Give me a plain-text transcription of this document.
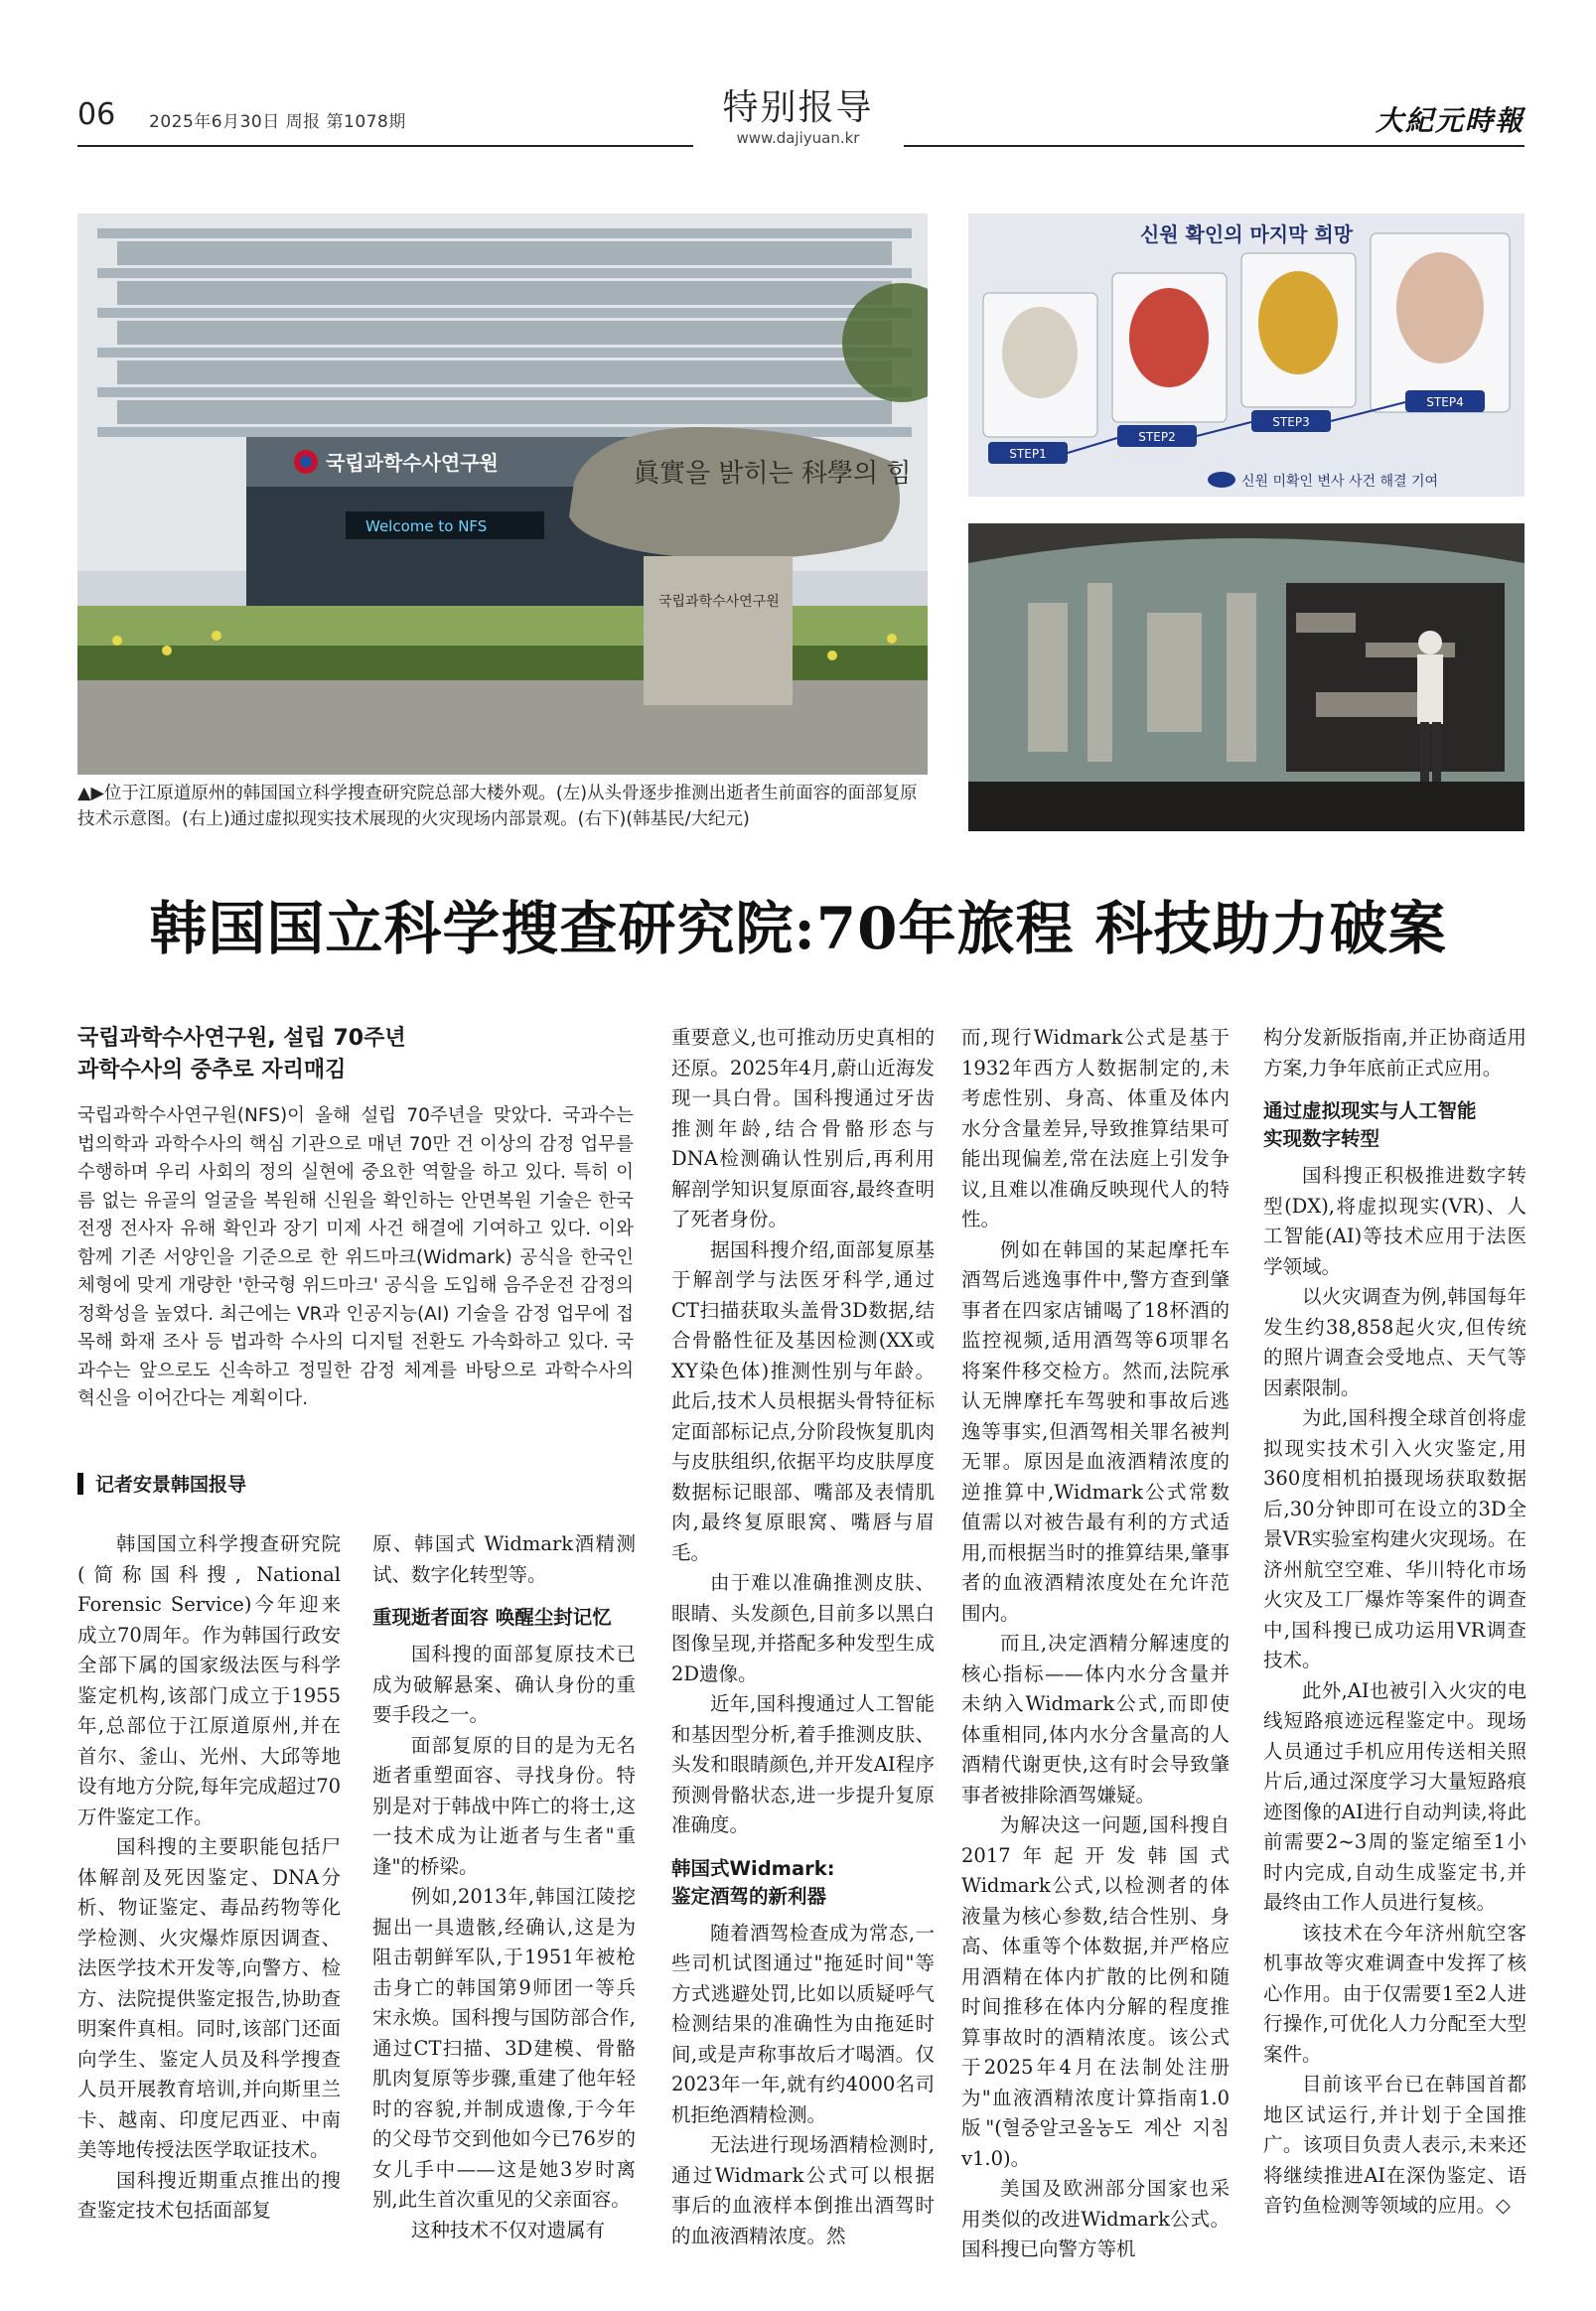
06 2025年6月30日 周报 第1078期	特别报导
www.dajiyuan.kr
大紀元時報
국립과학수사연구원
Welcome to NFS
眞實을 밝히는 科學의 힘
국립과학수사연구원
신원 확인의 마지막 희망
STEP1
STEP2
STEP3
STEP4
신원 미확인 변사 사건 해결 기여
▲▶位于江原道原州的韩国国立科学搜查研究院总部大楼外观。(左)从头骨逐步推测出逝者生前面容的面部复原技术示意图。(右上)通过虚拟现实技术展现的火灾现场内部景观。(右下)(韩基民/大纪元)
韩国国立科学搜查研究院:70年旅程 科技助力破案
국립과학수사연구원, 설립 70주년
과학수사의 중추로 자리매김
국립과학수사연구원(NFS)이 올해 설립 70주년을 맞았다. 국과수는 법의학과 과학수사의 핵심 기관으로 매년 70만 건 이상의 감정 업무를 수행하며 우리 사회의 정의 실현에 중요한 역할을 하고 있다. 특히 이름 없는 유골의 얼굴을 복원해 신원을 확인하는 안면복원 기술은 한국전쟁 전사자 유해 확인과 장기 미제 사건 해결에 기여하고 있다. 이와 함께 기존 서양인을 기준으로 한 위드마크(Widmark) 공식을 한국인 체형에 맞게 개량한 '한국형 위드마크' 공식을 도입해 음주운전 감정의 정확성을 높였다. 최근에는 VR과 인공지능(AI) 기술을 감정 업무에 접목해 화재 조사 등 법과학 수사의 디지털 전환도 가속화하고 있다. 국과수는 앞으로도 신속하고 정밀한 감정 체계를 바탕으로 과학수사의 혁신을 이어간다는 계획이다.
记者安景韩国报导

韩国国立科学搜查研究院(简称国科搜, National Forensic Service)今年迎来成立70周年。作为韩国行政安全部下属的国家级法医与科学鉴定机构,该部门成立于1955年,总部位于江原道原州,并在首尔、釜山、光州、大邱等地设有地方分院,每年完成超过70万件鉴定工作。

国科搜的主要职能包括尸体解剖及死因鉴定、DNA分析、物证鉴定、毒品药物等化学检测、火灾爆炸原因调查、法医学技术开发等,向警方、检方、法院提供鉴定报告,协助查明案件真相。同时,该部门还面向学生、鉴定人员及科学搜查人员开展教育培训,并向斯里兰卡、越南、印度尼西亚、中南美等地传授法医学取证技术。

国科搜近期重点推出的搜查鉴定技术包括面部复

原、韩国式 Widmark酒精测试、数字化转型等。

重现逝者面容 唤醒尘封记忆

国科搜的面部复原技术已成为破解悬案、确认身份的重要手段之一。

面部复原的目的是为无名逝者重塑面容、寻找身份。特别是对于韩战中阵亡的将士,这一技术成为让逝者与生者"重逢"的桥梁。

例如,2013年,韩国江陵挖掘出一具遗骸,经确认,这是为阻击朝鲜军队,于1951年被枪击身亡的韩国第9师团一等兵宋永焕。国科搜与国防部合作,通过CT扫描、3D建模、骨骼肌肉复原等步骤,重建了他年轻时的容貌,并制成遗像,于今年的父母节交到他如今已76岁的女儿手中——这是她3岁时离别,此生首次重见的父亲面容。

这种技术不仅对遗属有

重要意义,也可推动历史真相的还原。2025年4月,蔚山近海发现一具白骨。国科搜通过牙齿推测年龄,结合骨骼形态与DNA检测确认性别后,再利用解剖学知识复原面容,最终查明了死者身份。

据国科搜介绍,面部复原基于解剖学与法医牙科学,通过CT扫描获取头盖骨3D数据,结合骨骼性征及基因检测(XX或XY染色体)推测性别与年龄。此后,技术人员根据头骨特征标定面部标记点,分阶段恢复肌肉与皮肤组织,依据平均皮肤厚度数据标记眼部、嘴部及表情肌肉,最终复原眼窝、嘴唇与眉毛。

由于难以准确推测皮肤、眼睛、头发颜色,目前多以黑白图像呈现,并搭配多种发型生成2D遗像。

近年,国科搜通过人工智能和基因型分析,着手推测皮肤、头发和眼睛颜色,并开发AI程序预测骨骼状态,进一步提升复原准确度。

韩国式Widmark:
鉴定酒驾的新利器

随着酒驾检查成为常态,一些司机试图通过"拖延时间"等方式逃避处罚,比如以质疑呼气检测结果的准确性为由拖延时间,或是声称事故后才喝酒。仅2023年一年,就有约4000名司机拒绝酒精检测。

无法进行现场酒精检测时,通过Widmark公式可以根据事后的血液样本倒推出酒驾时的血液酒精浓度。然

而,现行Widmark公式是基于1932年西方人数据制定的,未考虑性别、身高、体重及体内水分含量差异,导致推算结果可能出现偏差,常在法庭上引发争议,且难以准确反映现代人的特性。

例如在韩国的某起摩托车酒驾后逃逸事件中,警方查到肇事者在四家店铺喝了18杯酒的监控视频,适用酒驾等6项罪名将案件移交检方。然而,法院承认无牌摩托车驾驶和事故后逃逸等事实,但酒驾相关罪名被判无罪。原因是血液酒精浓度的逆推算中,Widmark公式常数值需以对被告最有利的方式适用,而根据当时的推算结果,肇事者的血液酒精浓度处在允许范围内。

而且,决定酒精分解速度的核心指标——体内水分含量并未纳入Widmark公式,而即使体重相同,体内水分含量高的人酒精代谢更快,这有时会导致肇事者被排除酒驾嫌疑。

为解决这一问题,国科搜自2017年起开发韩国式Widmark公式,以检测者的体液量为核心参数,结合性别、身高、体重等个体数据,并严格应用酒精在体内扩散的比例和随时间推移在体内分解的程度推算事故时的酒精浓度。该公式于2025年4月在法制处注册为"血液酒精浓度计算指南1.0版"(혈중알코올농도 계산 지침 v1.0)。

美国及欧洲部分国家也采用类似的改进Widmark公式。国科搜已向警方等机

构分发新版指南,并正协商适用方案,力争年底前正式应用。

通过虚拟现实与人工智能
实现数字转型

国科搜正积极推进数字转型(DX),将虚拟现实(VR)、人工智能(AI)等技术应用于法医学领域。

以火灾调查为例,韩国每年发生约38,858起火灾,但传统的照片调查会受地点、天气等因素限制。

为此,国科搜全球首创将虚拟现实技术引入火灾鉴定,用360度相机拍摄现场获取数据后,30分钟即可在设立的3D全景VR实验室构建火灾现场。在济州航空空难、华川特化市场火灾及工厂爆炸等案件的调查中,国科搜已成功运用VR调查技术。

此外,AI也被引入火灾的电线短路痕迹远程鉴定中。现场人员通过手机应用传送相关照片后,通过深度学习大量短路痕迹图像的AI进行自动判读,将此前需要2~3周的鉴定缩至1小时内完成,自动生成鉴定书,并最终由工作人员进行复核。

该技术在今年济州航空客机事故等灾难调查中发挥了核心作用。由于仅需要1至2人进行操作,可优化人力分配至大型案件。

目前该平台已在韩国首都地区试运行,并计划于全国推广。该项目负责人表示,未来还将继续推进AI在深伪鉴定、语音钓鱼检测等领域的应用。◇
